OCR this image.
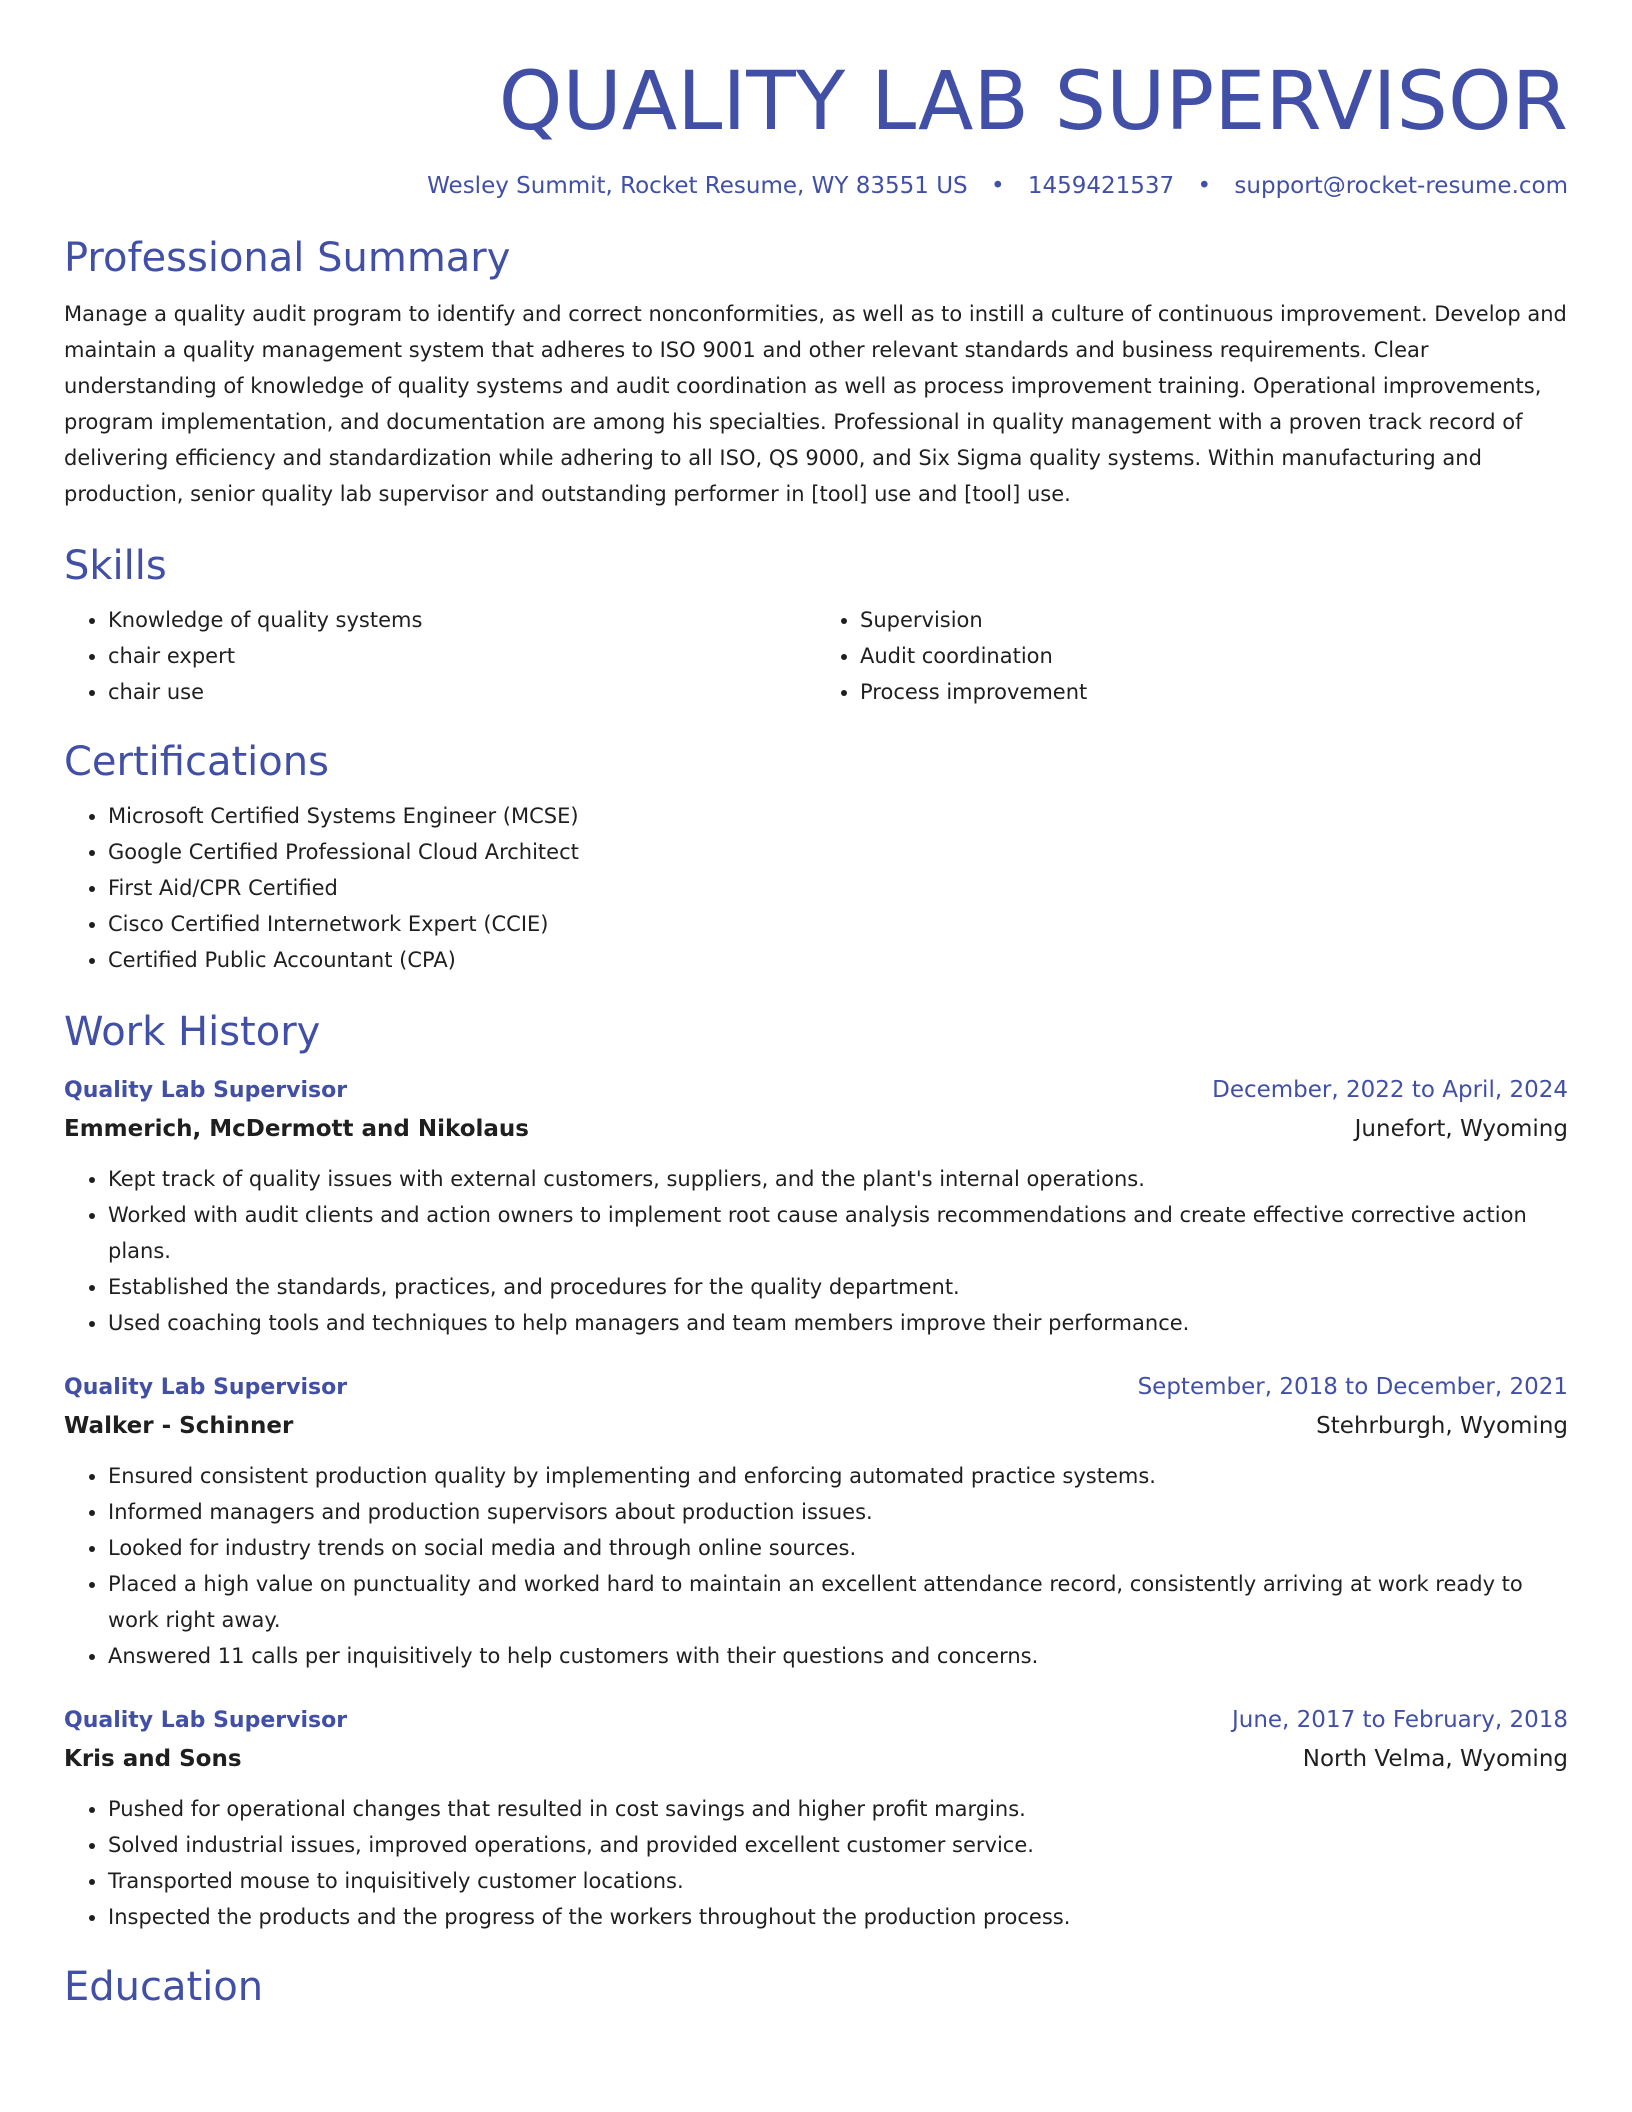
QUALITY LAB SUPERVISOR
Wesley Summit, Rocket Resume, WY 83551 US • 1459421537 • support@rocket-resume.com
Professional Summary

Manage a quality audit program to identify and correct nonconformities, as well as to instill a culture of continuous improvement. Develop and maintain a quality management system that adheres to ISO 9001 and other relevant standards and business requirements. Clear understanding of knowledge of quality systems and audit coordination as well as process improvement training. Operational improvements, program implementation, and documentation are among his specialties. Professional in quality management with a proven track record of delivering efficiency and standardization while adhering to all ISO, QS 9000, and Six Sigma quality systems. Within manufacturing and production, senior quality lab supervisor and outstanding performer in [tool] use and [tool] use.

Skills
• Knowledge of quality systems
• chair expert
• chair use
• Supervision
• Audit coordination
• Process improvement
Certifications
• Microsoft Certified Systems Engineer (MCSE)
• Google Certified Professional Cloud Architect
• First Aid/CPR Certified
• Cisco Certified Internetwork Expert (CCIE)
• Certified Public Accountant (CPA)
Work History
Quality Lab Supervisor	December, 2022 to April, 2024
Emmerich, McDermott and Nikolaus	Junefort, Wyoming
• Kept track of quality issues with external customers, suppliers, and the plant's internal operations.
• Worked with audit clients and action owners to implement root cause analysis recommendations and create effective corrective action plans.
• Established the standards, practices, and procedures for the quality department.
• Used coaching tools and techniques to help managers and team members improve their performance.
Quality Lab Supervisor	September, 2018 to December, 2021
Walker - Schinner	Stehrburgh, Wyoming
• Ensured consistent production quality by implementing and enforcing automated practice systems.
• Informed managers and production supervisors about production issues.
• Looked for industry trends on social media and through online sources.
• Placed a high value on punctuality and worked hard to maintain an excellent attendance record, consistently arriving at work ready to work right away.
• Answered 11 calls per inquisitively to help customers with their questions and concerns.
Quality Lab Supervisor	June, 2017 to February, 2018
Kris and Sons	North Velma, Wyoming
• Pushed for operational changes that resulted in cost savings and higher profit margins.
• Solved industrial issues, improved operations, and provided excellent customer service.
• Transported mouse to inquisitively customer locations.
• Inspected the products and the progress of the workers throughout the production process.
Education
